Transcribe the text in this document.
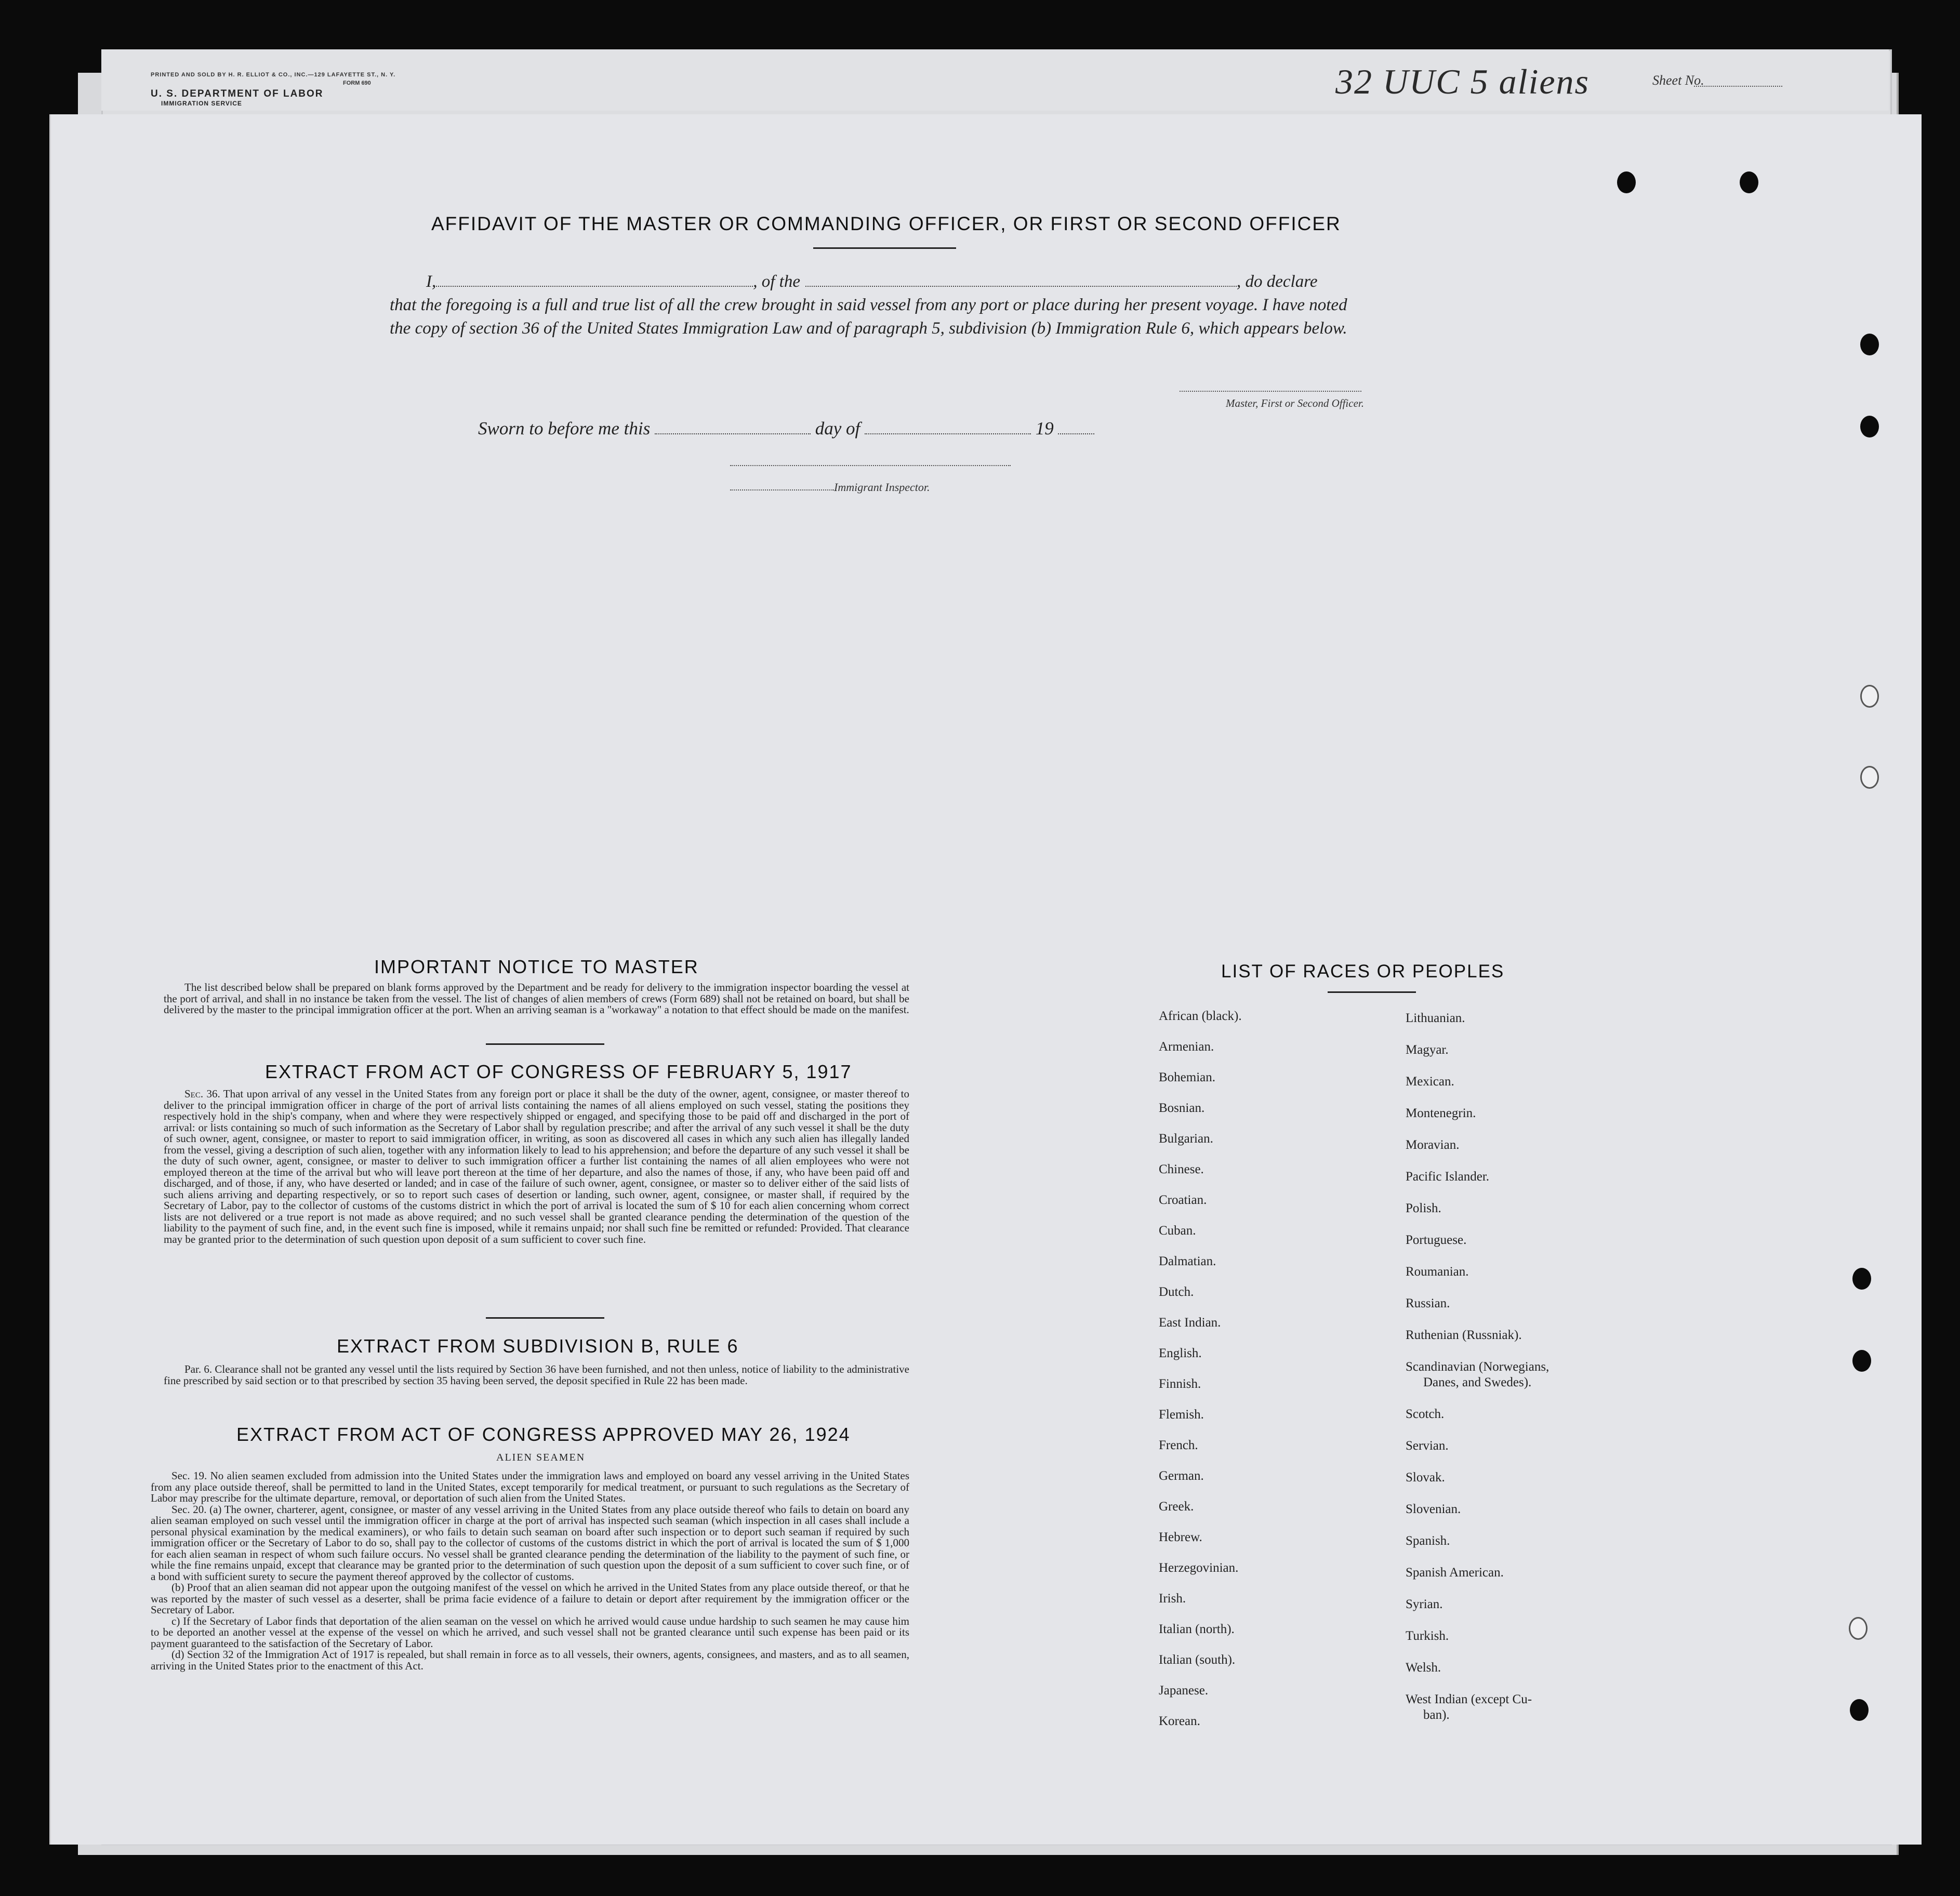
PRINTED AND SOLD BY H. R. ELLIOT & CO., INC.—129 LAFAYETTE ST., N. Y.
FORM 690
U. S. DEPARTMENT OF LABOR
IMMIGRATION SERVICE
32 UUC 5 aliens	Sheet No.
AFFIDAVIT OF THE MASTER OR COMMANDING OFFICER, OR FIRST OR SECOND OFFICER
I,	, of the	, do declare
that the foregoing is a full and true list of all the crew brought in said vessel from any port or place during her present voyage. I have noted the copy of section 36 of the United States Immigration Law and of paragraph 5, subdivision (b) Immigration Rule 6, which appears below.
Master, First or Second Officer.
Sworn to before me this	day of	19
Immigrant Inspector.
IMPORTANT NOTICE TO MASTER

The list described below shall be prepared on blank forms approved by the Department and be ready for delivery to the immigration inspector boarding the vessel at the port of arrival, and shall in no instance be taken from the vessel. The list of changes of alien members of crews (Form 689) shall not be retained on board, but shall be delivered by the master to the principal immigration officer at the port. When an arriving seaman is a "workaway" a notation to that effect should be made on the manifest.

EXTRACT FROM ACT OF CONGRESS OF FEBRUARY 5, 1917

Sec. 36. That upon arrival of any vessel in the United States from any foreign port or place it shall be the duty of the owner, agent, consignee, or master thereof to deliver to the principal immigration officer in charge of the port of arrival lists containing the names of all aliens employed on such vessel, stating the positions they respectively hold in the ship's company, when and where they were respectively shipped or engaged, and specifying those to be paid off and discharged in the port of arrival: or lists containing so much of such information as the Secretary of Labor shall by regulation prescribe; and after the arrival of any such vessel it shall be the duty of such owner, agent, consignee, or master to report to said immigration officer, in writing, as soon as discovered all cases in which any such alien has illegally landed from the vessel, giving a description of such alien, together with any information likely to lead to his apprehension; and before the departure of any such vessel it shall be the duty of such owner, agent, consignee, or master to deliver to such immigration officer a further list containing the names of all alien employees who were not employed thereon at the time of the arrival but who will leave port thereon at the time of her departure, and also the names of those, if any, who have been paid off and discharged, and of those, if any, who have deserted or landed; and in case of the failure of such owner, agent, consignee, or master so to deliver either of the said lists of such aliens arriving and departing respectively, or so to report such cases of desertion or landing, such owner, agent, consignee, or master shall, if required by the Secretary of Labor, pay to the collector of customs of the customs district in which the port of arrival is located the sum of $ 10 for each alien concerning whom correct lists are not delivered or a true report is not made as above required; and no such vessel shall be granted clearance pending the determination of the question of the liability to the payment of such fine, and, in the event such fine is imposed, while it remains unpaid; nor shall such fine be remitted or refunded: Provided. That clearance may be granted prior to the determination of such question upon deposit of a sum sufficient to cover such fine.

EXTRACT FROM SUBDIVISION B, RULE 6

Par. 6. Clearance shall not be granted any vessel until the lists required by Section 36 have been furnished, and not then unless, notice of liability to the administrative fine prescribed by said section or to that prescribed by section 35 having been served, the deposit specified in Rule 22 has been made.

EXTRACT FROM ACT OF CONGRESS APPROVED MAY 26, 1924
ALIEN SEAMEN

Sec. 19. No alien seamen excluded from admission into the United States under the immigration laws and employed on board any vessel arriving in the United States from any place outside thereof, shall be permitted to land in the United States, except temporarily for medical treatment, or pursuant to such regulations as the Secretary of Labor may prescribe for the ultimate departure, removal, or deportation of such alien from the United States.

Sec. 20. (a) The owner, charterer, agent, consignee, or master of any vessel arriving in the United States from any place outside thereof who fails to detain on board any alien seaman employed on such vessel until the immigration officer in charge at the port of arrival has inspected such seaman (which inspection in all cases shall include a personal physical examination by the medical examiners), or who fails to detain such seaman on board after such inspection or to deport such seaman if required by such immigration officer or the Secretary of Labor to do so, shall pay to the collector of customs of the customs district in which the port of arrival is located the sum of $ 1,000 for each alien seaman in respect of whom such failure occurs. No vessel shall be granted clearance pending the determination of the liability to the payment of such fine, or while the fine remains unpaid, except that clearance may be granted prior to the determination of such question upon the deposit of a sum sufficient to cover such fine, or of a bond with sufficient surety to secure the payment thereof approved by the collector of customs.

(b) Proof that an alien seaman did not appear upon the outgoing manifest of the vessel on which he arrived in the United States from any place outside thereof, or that he was reported by the master of such vessel as a deserter, shall be prima facie evidence of a failure to detain or deport after requirement by the immigration officer or the Secretary of Labor.

c) If the Secretary of Labor finds that deportation of the alien seaman on the vessel on which he arrived would cause undue hardship to such seamen he may cause him to be deported an another vessel at the expense of the vessel on which he arrived, and such vessel shall not be granted clearance until such expense has been paid or its payment guaranteed to the satisfaction of the Secretary of Labor.

(d) Section 32 of the Immigration Act of 1917 is repealed, but shall remain in force as to all vessels, their owners, agents, consignees, and masters, and as to all seamen, arriving in the United States prior to the enactment of this Act.

LIST OF RACES OR PEOPLES
African (black).
Armenian.
Bohemian.
Bosnian.
Bulgarian.
Chinese.
Croatian.
Cuban.
Dalmatian.
Dutch.
East Indian.
English.
Finnish.
Flemish.
French.
German.
Greek.
Hebrew.
Herzegovinian.
Irish.
Italian (north).
Italian (south).
Japanese.
Korean.
Lithuanian.
Magyar.
Mexican.
Montenegrin.
Moravian.
Pacific Islander.
Polish.
Portuguese.
Roumanian.
Russian.
Ruthenian (Russniak).
Scandinavian (Norwegians,
Danes, and Swedes).
Scotch.
Servian.
Slovak.
Slovenian.
Spanish.
Spanish American.
Syrian.
Turkish.
Welsh.
West Indian (except Cu-
ban).
